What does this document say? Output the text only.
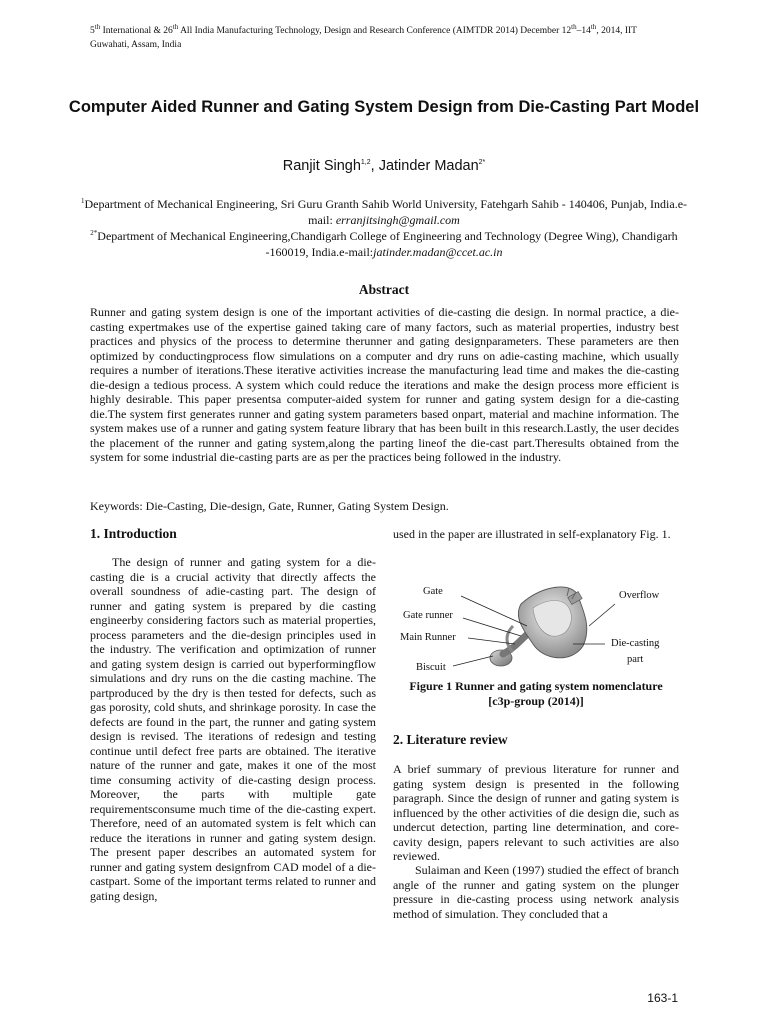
5th International & 26th All India Manufacturing Technology, Design and Research Conference (AIMTDR 2014) December 12th–14th, 2014, IIT
Guwahati, Assam, India
Computer Aided Runner and Gating System Design from Die-Casting Part Model
Ranjit Singh$^{1,2}$, Jatinder Madan$^{2*}$
$^1$Department of Mechanical Engineering, Sri Guru Granth Sahib World University, Fatehgarh Sahib - 140406, Punjab, India.e-mail: erranjitsingh@gmail.com
$^{2*}$Department of Mechanical Engineering,Chandigarh College of Engineering and Technology (Degree Wing), Chandigarh -160019, India.e-mail:jatinder.madan@ccet.ac.in
Abstract
Runner and gating system design is one of the important activities of die-casting die design. In normal practice, a die-casting expertmakes use of the expertise gained taking care of many factors, such as material properties, industry best practices and physics of the process to determine therunner and gating designparameters. These parameters are then optimized by conductingprocess flow simulations on a computer and dry runs on adie-casting machine, which usually requires a number of iterations.These iterative activities increase the manufacturing lead time and makes the die-casting die-design a tedious process. A system which could reduce the iterations and make the design process more efficient is highly desirable. This paper presentsa computer-aided system for runner and gating system design for a die-casting die.The system first generates runner and gating system parameters based onpart, material and machine information. The system makes use of a runner and gating system feature library that has been built in this research.Lastly, the user decides the placement of the runner and gating system,along the parting lineof the die-cast part.Theresults obtained from the system for some industrial die-casting parts are as per the practices being followed in the industry.
Keywords: Die-Casting, Die-design, Gate, Runner, Gating System Design.
1. Introduction
The design of runner and gating system for a die-casting die is a crucial activity that directly affects the overall soundness of adie-casting part. The design of runner and gating system is prepared by die casting engineerby considering factors such as material properties, process parameters and the die-design principles used in the industry. The verification and optimization of runner and gating system design is carried out byperformingflow simulations and dry runs on the die casting machine. The partproduced by the dry is then tested for defects, such as gas porosity, cold shuts, and shrinkage porosity. In case the defects are found in the part, the runner and gating system design is revised. The iterations of redesign and testing continue until defect free parts are obtained. The iterative nature of the runner and gate, makes it one of the most time consuming activity of die-casting design process. Moreover, the parts with multiple gate requirementsconsume much time of the die-casting expert. Therefore, need of an automated system is felt which can reduce the iterations in runner and gating system design. The present paper describes an automated system for runner and gating system designfrom CAD model of a die-castpart. Some of the important terms related to runner and gating design,
used in the paper are illustrated in self-explanatory Fig. 1.
Gate
Gate runner
Main Runner
Biscuit
Overflow
Die-casting
part
Figure 1 Runner and gating system nomenclature
[c3p-group (2014)]
2. Literature review
A brief summary of previous literature for runner and gating system design is presented in the following paragraph. Since the design of runner and gating system is influenced by the other activities of die design die, such as undercut detection, parting line determination, and core-cavity design, papers relevant to such activities are also reviewed.
Sulaiman and Keen (1997) studied the effect of branch angle of the runner and gating system on the plunger pressure in die-casting process using network analysis method of simulation. They concluded that a
163-1
